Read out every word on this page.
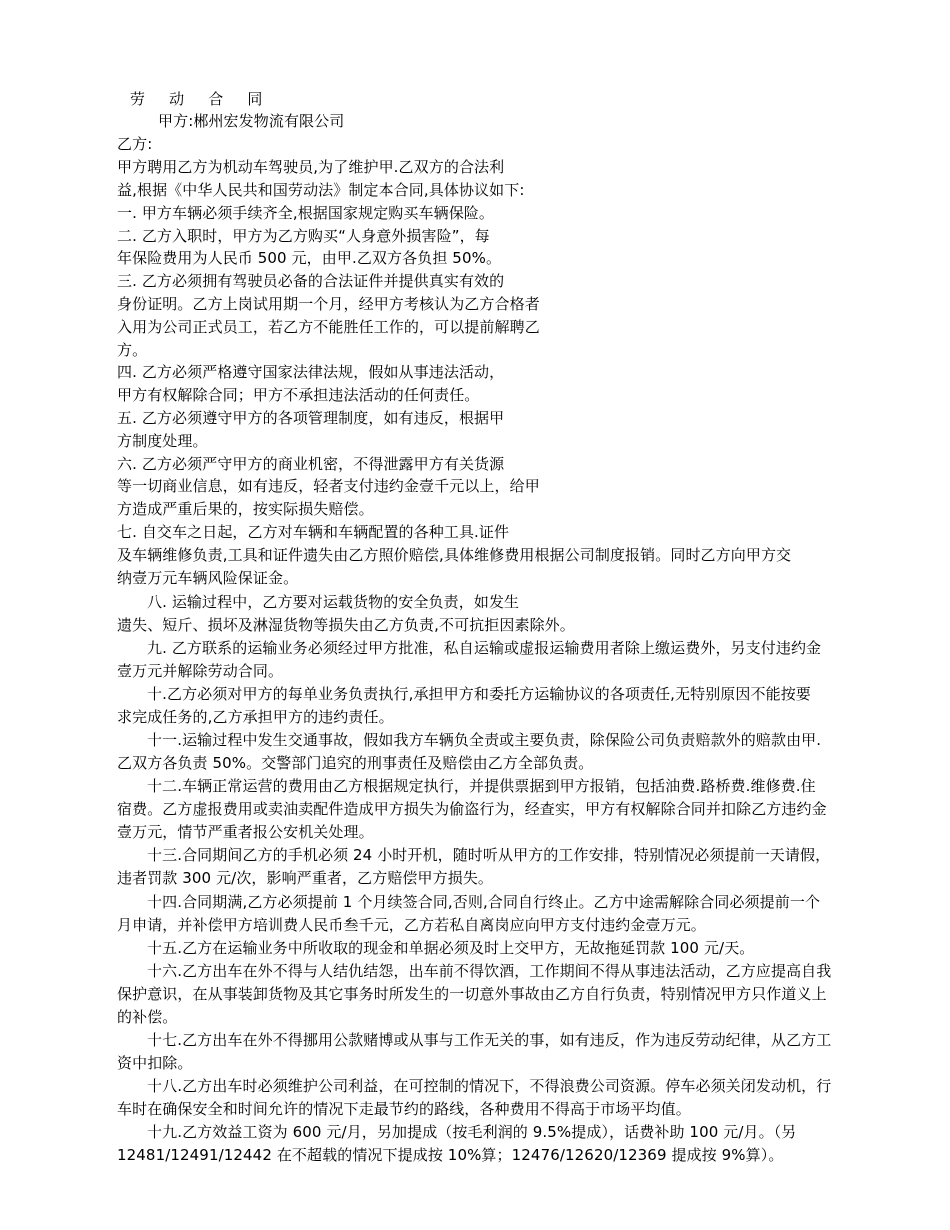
劳 动 合 同
甲方:郴州宏发物流有限公司
乙方:
甲方聘用乙方为机动车驾驶员,为了维护甲.乙双方的合法利
益,根据《中华人民共和国劳动法》制定本合同,具体协议如下:
一. 甲方车辆必须手续齐全,根据国家规定购买车辆保险。
二. 乙方入职时，甲方为乙方购买“人身意外损害险”，每
年保险费用为人民币 500 元，由甲.乙双方各负担 50%。
三. 乙方必须拥有驾驶员必备的合法证件并提供真实有效的
身份证明。乙方上岗试用期一个月，经甲方考核认为乙方合格者
入用为公司正式员工，若乙方不能胜任工作的，可以提前解聘乙
方。
四. 乙方必须严格遵守国家法律法规，假如从事违法活动，
甲方有权解除合同；甲方不承担违法活动的任何责任。
五. 乙方必须遵守甲方的各项管理制度，如有违反，根据甲
方制度处理。
六. 乙方必须严守甲方的商业机密，不得泄露甲方有关货源
等一切商业信息，如有违反，轻者支付违约金壹千元以上，给甲
方造成严重后果的，按实际损失赔偿。
七. 自交车之日起，乙方对车辆和车辆配置的各种工具.证件
及车辆维修负责,工具和证件遗失由乙方照价赔偿,具体维修费用根据公司制度报销。同时乙方向甲方交
纳壹万元车辆风险保证金。
八. 运输过程中，乙方要对运载货物的安全负责，如发生
遗失、短斤、损坏及淋湿货物等损失由乙方负责,不可抗拒因素除外。
九. 乙方联系的运输业务必须经过甲方批准，私自运输或虚报运输费用者除上缴运费外，另支付违约金
壹万元并解除劳动合同。
十.乙方必须对甲方的每单业务负责执行,承担甲方和委托方运输协议的各项责任,无特别原因不能按要
求完成任务的,乙方承担甲方的违约责任。
十一.运输过程中发生交通事故，假如我方车辆负全责或主要负责，除保险公司负责赔款外的赔款由甲.
乙双方各负责 50%。交警部门追究的刑事责任及赔偿由乙方全部负责。
十二.车辆正常运营的费用由乙方根据规定执行，并提供票据到甲方报销，包括油费.路桥费.维修费.住
宿费。乙方虚报费用或卖油卖配件造成甲方损失为偷盗行为，经查实，甲方有权解除合同并扣除乙方违约金
壹万元，情节严重者报公安机关处理。
十三.合同期间乙方的手机必须 24 小时开机，随时听从甲方的工作安排，特别情况必须提前一天请假，
违者罚款 300 元/次，影响严重者，乙方赔偿甲方损失。
十四.合同期满,乙方必须提前 1 个月续签合同,否则,合同自行终止。乙方中途需解除合同必须提前一个
月申请，并补偿甲方培训费人民币叁千元，乙方若私自离岗应向甲方支付违约金壹万元。
十五.乙方在运输业务中所收取的现金和单据必须及时上交甲方，无故拖延罚款 100 元/天。
十六.乙方出车在外不得与人结仇结怨，出车前不得饮酒，工作期间不得从事违法活动，乙方应提高自我
保护意识，在从事装卸货物及其它事务时所发生的一切意外事故由乙方自行负责，特别情况甲方只作道义上
的补偿。
十七.乙方出车在外不得挪用公款赌博或从事与工作无关的事，如有违反，作为违反劳动纪律，从乙方工
资中扣除。
十八.乙方出车时必须维护公司利益，在可控制的情况下，不得浪费公司资源。停车必须关闭发动机，行
车时在确保安全和时间允许的情况下走最节约的路线，各种费用不得高于市场平均值。
十九.乙方效益工资为 600 元/月，另加提成（按毛利润的 9.5%提成），话费补助 100 元/月。（另
12481/12491/12442 在不超载的情况下提成按 10%算；12476/12620/12369 提成按 9%算）。
